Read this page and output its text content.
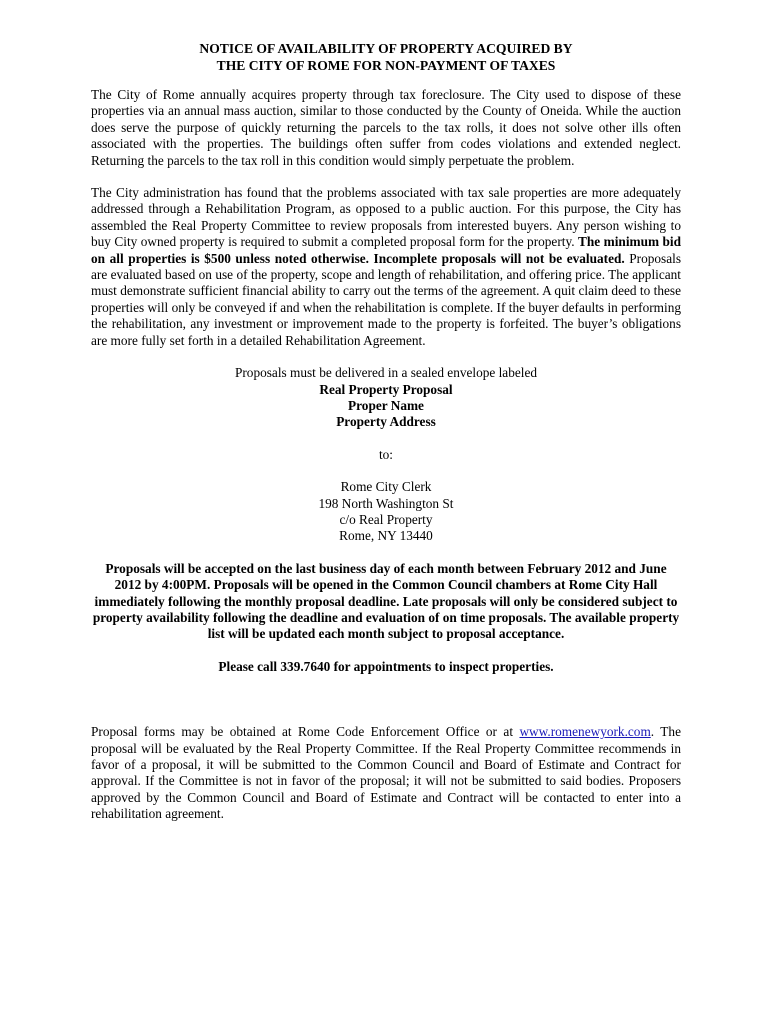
NOTICE OF AVAILABILITY OF PROPERTY ACQUIRED BY

THE CITY OF ROME FOR NON-PAYMENT OF TAXES

The City of Rome annually acquires property through tax foreclosure. The City used to dispose of these properties via an annual mass auction, similar to those conducted by the County of Oneida. While the auction does serve the purpose of quickly returning the parcels to the tax rolls, it does not solve other ills often associated with the properties. The buildings often suffer from codes violations and extended neglect. Returning the parcels to the tax roll in this condition would simply perpetuate the problem.

The City administration has found that the problems associated with tax sale properties are more adequately addressed through a Rehabilitation Program, as opposed to a public auction. For this purpose, the City has assembled the Real Property Committee to review proposals from interested buyers. Any person wishing to buy City owned property is required to submit a completed proposal form for the property. The minimum bid on all properties is $500 unless noted otherwise. Incomplete proposals will not be evaluated. Proposals are evaluated based on use of the property, scope and length of rehabilitation, and offering price. The applicant must demonstrate sufficient financial ability to carry out the terms of the agreement. A quit claim deed to these properties will only be conveyed if and when the rehabilitation is complete. If the buyer defaults in performing the rehabilitation, any investment or improvement made to the property is forfeited. The buyer’s obligations are more fully set forth in a detailed Rehabilitation Agreement.

Proposals must be delivered in a sealed envelope labeled

Real Property Proposal

Proper Name

Property Address

to:

Rome City Clerk

198 North Washington St

c/o Real Property

Rome, NY 13440

Proposals will be accepted on the last business day of each month between February 2012 and June 2012 by 4:00PM. Proposals will be opened in the Common Council chambers at Rome City Hall immediately following the monthly proposal deadline. Late proposals will only be considered subject to property availability following the deadline and evaluation of on time proposals. The available property list will be updated each month subject to proposal acceptance.

Please call 339.7640 for appointments to inspect properties.

Proposal forms may be obtained at Rome Code Enforcement Office or at www.romenewyork.com. The proposal will be evaluated by the Real Property Committee. If the Real Property Committee recommends in favor of a proposal, it will be submitted to the Common Council and Board of Estimate and Contract for approval. If the Committee is not in favor of the proposal; it will not be submitted to said bodies. Proposers approved by the Common Council and Board of Estimate and Contract will be contacted to enter into a rehabilitation agreement.
